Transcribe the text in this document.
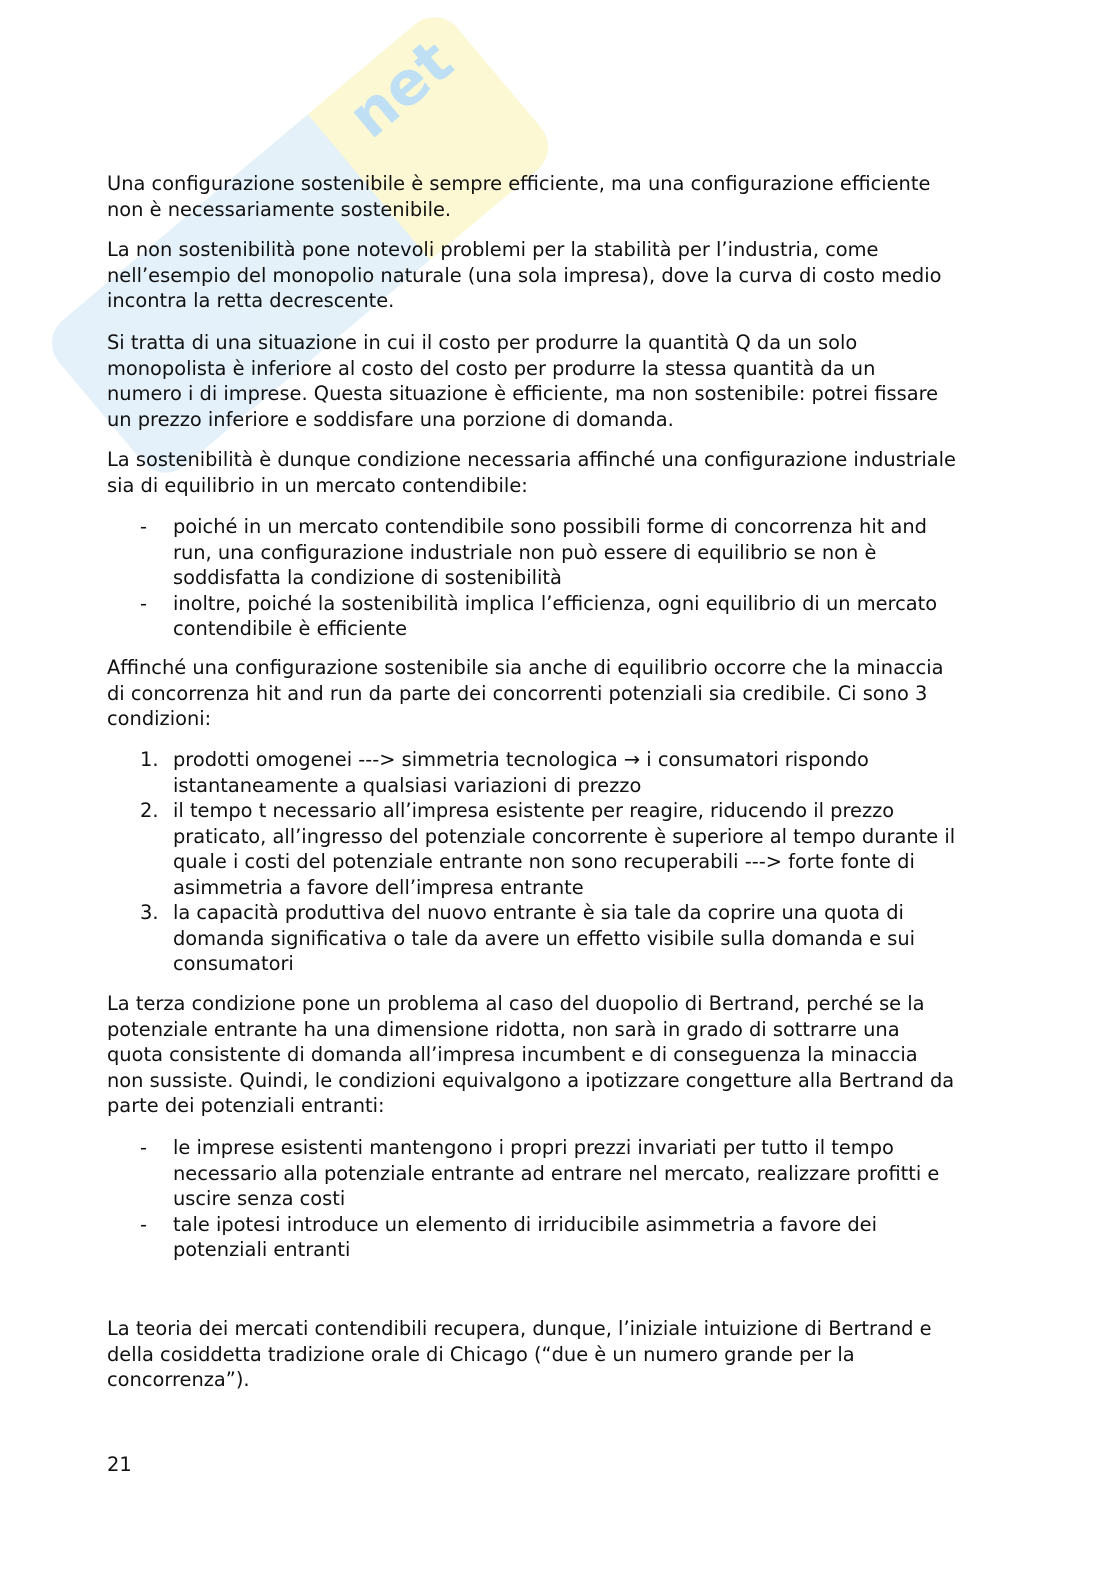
net
Una configurazione sostenibile è sempre efficiente, ma una configurazione efficiente
non è necessariamente sostenibile.
La non sostenibilità pone notevoli problemi per la stabilità per l’industria, come
nell’esempio del monopolio naturale (una sola impresa), dove la curva di costo medio
incontra la retta decrescente.
Si tratta di una situazione in cui il costo per produrre la quantità Q da un solo
monopolista è inferiore al costo del costo per produrre la stessa quantità da un
numero i di imprese. Questa situazione è efficiente, ma non sostenibile: potrei fissare
un prezzo inferiore e soddisfare una porzione di domanda.
La sostenibilità è dunque condizione necessaria affinché una configurazione industriale
sia di equilibrio in un mercato contendibile:
- poiché in un mercato contendibile sono possibili forme di concorrenza hit and
run, una configurazione industriale non può essere di equilibrio se non è
soddisfatta la condizione di sostenibilità
- inoltre, poiché la sostenibilità implica l’efficienza, ogni equilibrio di un mercato
contendibile è efficiente
Affinché una configurazione sostenibile sia anche di equilibrio occorre che la minaccia
di concorrenza hit and run da parte dei concorrenti potenziali sia credibile. Ci sono 3
condizioni:
1. prodotti omogenei ---> simmetria tecnologica → i consumatori rispondo
istantaneamente a qualsiasi variazioni di prezzo
2. il tempo t necessario all’impresa esistente per reagire, riducendo il prezzo
praticato, all’ingresso del potenziale concorrente è superiore al tempo durante il
quale i costi del potenziale entrante non sono recuperabili ---> forte fonte di
asimmetria a favore dell’impresa entrante
3. la capacità produttiva del nuovo entrante è sia tale da coprire una quota di
domanda significativa o tale da avere un effetto visibile sulla domanda e sui
consumatori
La terza condizione pone un problema al caso del duopolio di Bertrand, perché se la
potenziale entrante ha una dimensione ridotta, non sarà in grado di sottrarre una
quota consistente di domanda all’impresa incumbent e di conseguenza la minaccia
non sussiste. Quindi, le condizioni equivalgono a ipotizzare congetture alla Bertrand da
parte dei potenziali entranti:
- le imprese esistenti mantengono i propri prezzi invariati per tutto il tempo
necessario alla potenziale entrante ad entrare nel mercato, realizzare profitti e
uscire senza costi
- tale ipotesi introduce un elemento di irriducibile asimmetria a favore dei
potenziali entranti
La teoria dei mercati contendibili recupera, dunque, l’iniziale intuizione di Bertrand e
della cosiddetta tradizione orale di Chicago (“due è un numero grande per la
concorrenza”).
21
